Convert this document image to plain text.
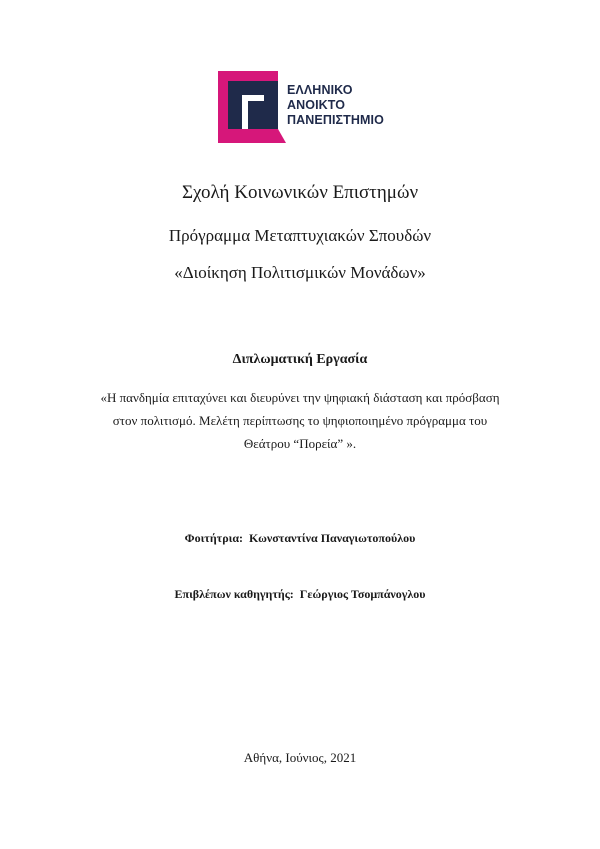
ΕΛΛΗΝΙΚΟ
ΑΝΟΙΚΤΟ
ΠΑΝΕΠΙΣΤΗΜΙΟ
Σχολή Κοινωνικών Επιστημών
Πρόγραμμα Μεταπτυχιακών Σπουδών
«Διοίκηση Πολιτισμικών Μονάδων»
Διπλωματική Εργασία
«Η πανδημία επιταχύνει και διευρύνει την ψηφιακή διάσταση και πρόσβαση
στον πολιτισμό. Μελέτη περίπτωσης το ψηφιοποιημένο πρόγραμμα του
Θεάτρου “Πορεία” ».
Φοιτήτρια: Κωνσταντίνα Παναγιωτοπούλου
Επιβλέπων καθηγητής: Γεώργιος Τσομπάνογλου
Αθήνα, Ιούνιος, 2021
